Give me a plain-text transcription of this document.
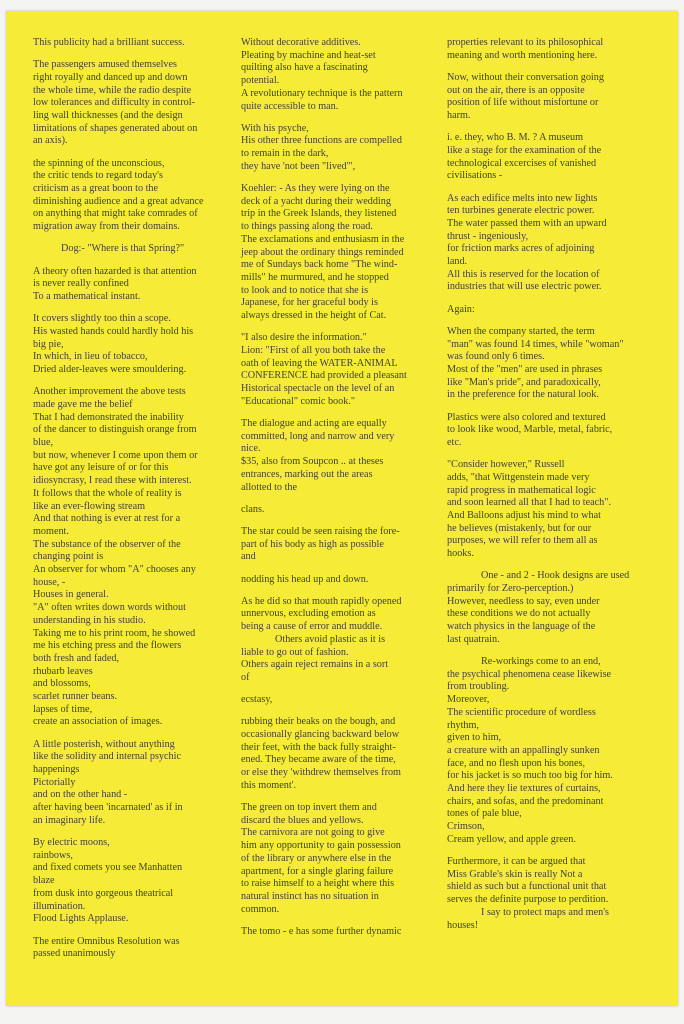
This publicity had a brilliant success.
The passengers amused themselves
right royally and danced up and down
the whole time, while the radio despite
low tolerances and difficulty in control-
ling wall thicknesses (and the design
limitations of shapes generated about on
an axis).
the spinning of the unconscious,
the critic tends to regard today's
criticism as a great boon to the
diminishing audience and a great advance
on anything that might take comrades of
migration away from their domains.
Dog:- "Where is that Spring?"
A theory often hazarded is that attention
is never really confined
To a mathematical instant.
It covers slightly too thin a scope.
His wasted hands could hardly hold his
big pie,
In which, in lieu of tobacco,
Dried alder-leaves were smouldering.
Another improvement the above tests
made gave me the belief
That I had demonstrated the inability
of the dancer to distinguish orange from
blue,
but now, whenever I come upon them or
have got any leisure of or for this
idiosyncrasy, I read these with interest.
It follows that the whole of reality is
like an ever-flowing stream
And that nothing is ever at rest for a
moment.
The substance of the observer of the
changing point is
An observer for whom "A" chooses any
house, -
Houses in general.
"A" often writes down words without
understanding in his studio.
Taking me to his print room, he showed
me his etching press and the flowers
both fresh and faded,
rhubarb leaves
and blossoms,
scarlet runner beans.
lapses of time,
create an association of images.
A little posterish, without anything
like the solidity and internal psychic
happenings
Pictorially
and on the other hand -
after having been 'incarnated' as if in
an imaginary life.
By electric moons,
rainbows,
and fixed comets you see Manhatten
blaze
from dusk into gorgeous theatrical
illumination.
Flood Lights Applause.
The entire Omnibus Resolution was
passed unanimously
Without decorative additives.
Pleating by machine and heat-set
quilting also have a fascinating
potential.
A revolutionary technique is the pattern
quite accessible to man.
With his psyche,
His other three functions are compelled
to remain in the dark,
they have 'not been "lived"',
Koehler: - As they were lying on the
deck of a yacht during their wedding
trip in the Greek Islands, they listened
to things passing along the road.
The exclamations and enthusiasm in the
jeep about the ordinary things reminded
me of Sundays back home "The wind-
mills" he murmured, and he stopped
to look and to notice that she is
Japanese, for her graceful body is
always dressed in the height of Cat.
"I also desire the information."
Lion: "First of all you both take the
oath of leaving the WATER-ANIMAL
CONFERENCE had provided a pleasant
Historical spectacle on the level of an
"Educational" comic book."
The dialogue and acting are equally
committed, long and narrow and very
nice.
$35, also from Soupcon .. at theses
entrances, marking out the areas
allotted to the
clans.
The star could be seen raising the fore-
part of his body as high as possible
and
nodding his head up and down.
As he did so that mouth rapidly opened
unnervous, excluding emotion as
being a cause of error and muddle.
Others avoid plastic as it is
liable to go out of fashion.
Others again reject remains in a sort
of
ecstasy,
rubbing their beaks on the bough, and
occasionally glancing backward below
their feet, with the back fully straight-
ened. They became aware of the time,
or else they 'withdrew themselves from
this moment'.
The green on top invert them and
discard the blues and yellows.
The carnivora are not going to give
him any opportunity to gain possession
of the library or anywhere else in the
apartment, for a single glaring failure
to raise himself to a height where this
natural instinct has no situation in
common.
The tomo - e has some further dynamic
properties relevant to its philosophical
meaning and worth mentioning here.
Now, without their conversation going
out on the air, there is an opposite
position of life without misfortune or
harm.
i. e. they, who B. M. ? A museum
like a stage for the examination of the
technological excercises of vanished
civilisations -
As each edifice melts into new lights
ten turbines generate electric power.
The water passed them with an upward
thrust - ingeniously,
for friction marks acres of adjoining
land.
All this is reserved for the location of
industries that will use electric power.
Again:
When the company started, the term
"man" was found 14 times, while "woman"
was found only 6 times.
Most of the "men" are used in phrases
like "Man's pride", and paradoxically,
in the preference for the natural look.
Plastics were also colored and textured
to look like wood, Marble, metal, fabric,
etc.
"Consider however," Russell
adds, "that Wittgenstein made very
rapid progress in mathematical logic
and soon learned all that I had to teach".
And Balloons adjust his mind to what
he believes (mistakenly, but for our
purposes, we will refer to them all as
hooks.
One - and 2 - Hook designs are used
primarily for Zero-perception.)
However, needless to say, even under
these conditions we do not actually
watch physics in the language of the
last quatrain.
Re-workings come to an end,
the psychical phenomena cease likewise
from troubling.
Moreover,
The scientific procedure of wordless
rhythm,
given to him,
a creature with an appallingly sunken
face, and no flesh upon his bones,
for his jacket is so much too big for him.
And here they lie textures of curtains,
chairs, and sofas, and the predominant
tones of pale blue,
Crimson,
Cream yellow, and apple green.
Furthermore, it can be argued that
Miss Grable's skin is really Not a
shield as such but a functional unit that
serves the definite purpose to perdition.
I say to protect maps and men's
houses!
